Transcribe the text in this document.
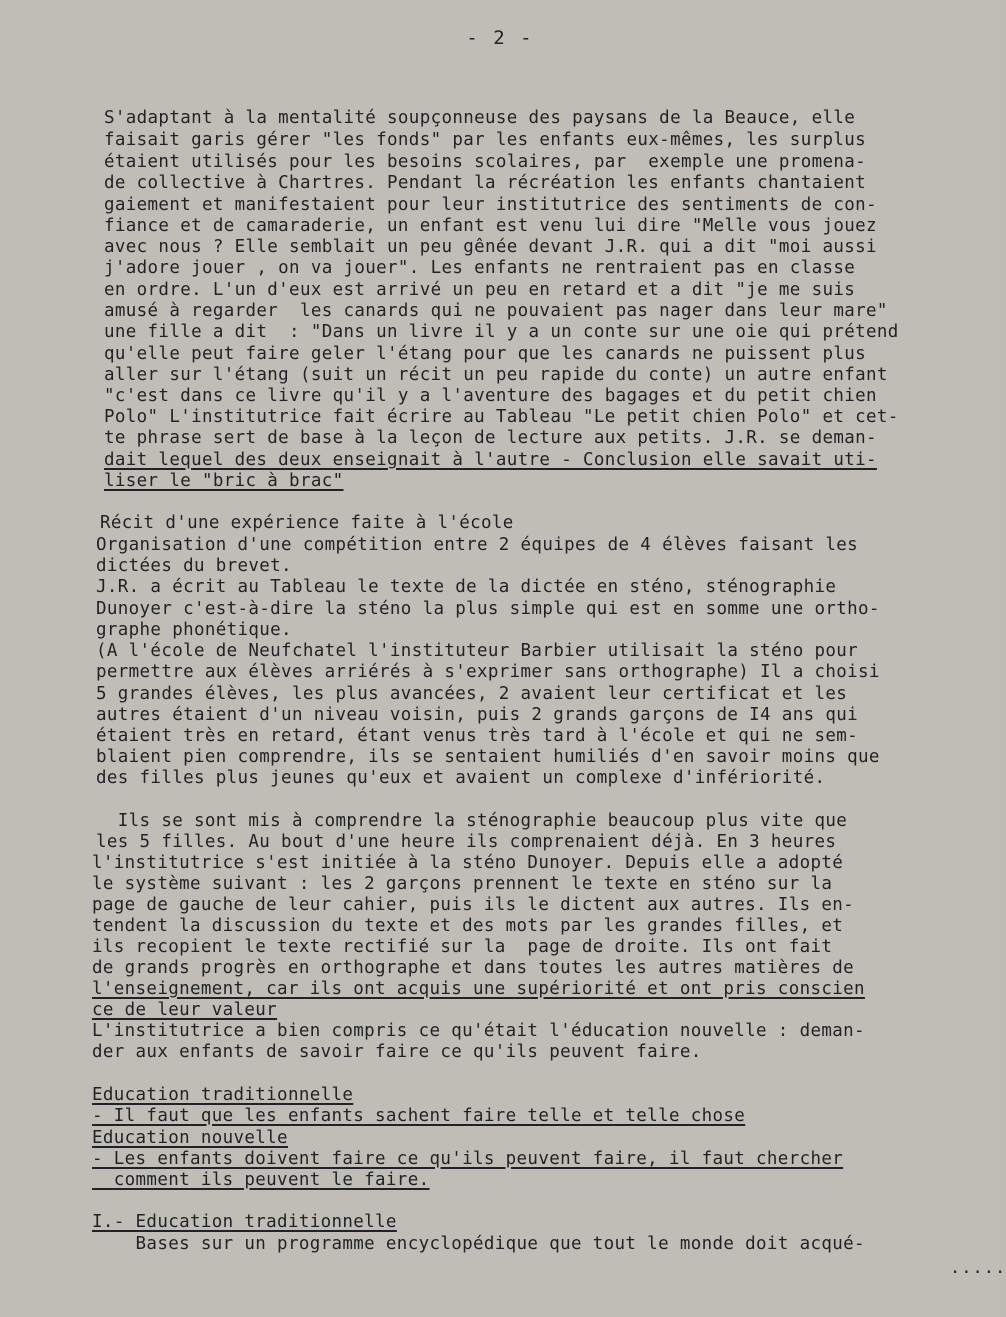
- 2 -
S'adaptant à la mentalité soupçonneuse des paysans de la Beauce, elle
faisait garis gérer "les fonds" par les enfants eux-mêmes, les surplus
étaient utilisés pour les besoins scolaires, par  exemple une promena-
de collective à Chartres. Pendant la récréation les enfants chantaient
gaiement et manifestaient pour leur institutrice des sentiments de con-
fiance et de camaraderie, un enfant est venu lui dire "Melle vous jouez
avec nous ? Elle semblait un peu gênée devant J.R. qui a dit "moi aussi
j'adore jouer , on va jouer". Les enfants ne rentraient pas en classe
en ordre. L'un d'eux est arrivé un peu en retard et a dit "je me suis
amusé à regarder  les canards qui ne pouvaient pas nager dans leur mare"
une fille a dit  : "Dans un livre il y a un conte sur une oie qui prétend
qu'elle peut faire geler l'étang pour que les canards ne puissent plus
aller sur l'étang (suit un récit un peu rapide du conte) un autre enfant
"c'est dans ce livre qu'il y a l'aventure des bagages et du petit chien
Polo" L'institutrice fait écrire au Tableau "Le petit chien Polo" et cet-
te phrase sert de base à la leçon de lecture aux petits. J.R. se deman-
dait lequel des deux enseignait à l'autre - Conclusion elle savait uti-
liser le "bric à brac"
Récit d'une expérience faite à l'école
Organisation d'une compétition entre 2 équipes de 4 élèves faisant les
dictées du brevet.
J.R. a écrit au Tableau le texte de la dictée en sténo, sténographie
Dunoyer c'est-à-dire la sténo la plus simple qui est en somme une ortho-
graphe phonétique.
(A l'école de Neufchatel l'instituteur Barbier utilisait la sténo pour
permettre aux élèves arriérés à s'exprimer sans orthographe) Il a choisi
5 grandes élèves, les plus avancées, 2 avaient leur certificat et les
autres étaient d'un niveau voisin, puis 2 grands garçons de I4 ans qui
étaient très en retard, étant venus très tard à l'école et qui ne sem-
blaient pien comprendre, ils se sentaient humiliés d'en savoir moins que
des filles plus jeunes qu'eux et avaient un complexe d'infériorité.
Ils se sont mis à comprendre la sténographie beaucoup plus vite que
les 5 filles. Au bout d'une heure ils comprenaient déjà. En 3 heures
l'institutrice s'est initiée à la sténo Dunoyer. Depuis elle a adopté
le système suivant : les 2 garçons prennent le texte en sténo sur la
page de gauche de leur cahier, puis ils le dictent aux autres. Ils en-
tendent la discussion du texte et des mots par les grandes filles, et
ils recopient le texte rectifié sur la  page de droite. Ils ont fait
de grands progrès en orthographe et dans toutes les autres matières de
l'enseignement, car ils ont acquis une supériorité et ont pris conscien
ce de leur valeur
L'institutrice a bien compris ce qu'était l'éducation nouvelle : deman-
der aux enfants de savoir faire ce qu'ils peuvent faire.
Education traditionnelle
- Il faut que les enfants sachent faire telle et telle chose
Education nouvelle
- Les enfants doivent faire ce qu'ils peuvent faire, il faut chercher
comment ils peuvent le faire.
I.- Education traditionnelle
Bases sur un programme encyclopédique que tout le monde doit acqué-
.....
